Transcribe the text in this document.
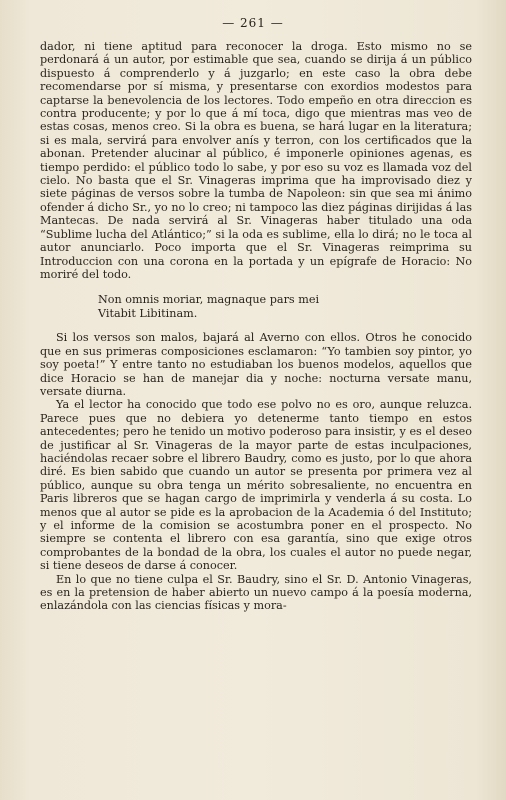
— 261 —

dador, ni tiene aptitud para reconocer la droga. Esto mismo no se perdonará á un autor, por estimable que sea, cuando se dirija á un público dispuesto á comprenderlo y á juzgarlo; en este caso la obra debe recomendarse por sí misma, y presentarse con exordios modestos para captarse la benevolencia de los lectores. Todo empeño en otra direccion es contra producente; y por lo que á mí toca, digo que mientras mas veo de estas cosas, menos creo. Si la obra es buena, se hará lugar en la literatura; si es mala, servirá para envolver anís y terron, con los certificados que la abonan. Pretender alucinar al público, é imponerle opiniones agenas, es tiempo perdido: el público todo lo sabe, y por eso su voz es llamada voz del cielo. No basta que el Sr. Vinageras imprima que ha improvisado diez y siete páginas de versos sobre la tumba de Napoleon: sin que sea mi ánimo ofender á dicho Sr., yo no lo creo; ni tampoco las diez páginas dirijidas á las Mantecas. De nada servirá al Sr. Vinageras haber titulado una oda “Sublime lucha del Atlántico;” si la oda es sublime, ella lo dirá; no le toca al autor anunciarlo. Poco importa que el Sr. Vinageras reimprima su Introduccion con una corona en la portada y un epígrafe de Horacio: No moriré del todo.

Non omnis moriar, magnaque pars mei
Vitabit Libitinam.

Si los versos son malos, bajará al Averno con ellos. Otros he conocido que en sus primeras composiciones esclamaron: “Yo tambien soy pintor, yo soy poeta!” Y entre tanto no estudiaban los buenos modelos, aquellos que dice Horacio se han de manejar dia y noche: nocturna versate manu, versate diurna.

Ya el lector ha conocido que todo ese polvo no es oro, aunque reluzca. Parece pues que no debiera yo detenerme tanto tiempo en estos antecedentes; pero he tenido un motivo poderoso para insistir, y es el deseo de justificar al Sr. Vinageras de la mayor parte de estas inculpaciones, haciéndolas recaer sobre el librero Baudry, como es justo, por lo que ahora diré. Es bien sabido que cuando un autor se presenta por primera vez al público, aunque su obra tenga un mérito sobresaliente, no encuentra en Paris libreros que se hagan cargo de imprimirla y venderla á su costa. Lo menos que al autor se pide es la aprobacion de la Academia ó del Instituto; y el informe de la comision se acostumbra poner en el prospecto. No siempre se contenta el librero con esa garantía, sino que exige otros comprobantes de la bondad de la obra, los cuales el autor no puede negar, si tiene deseos de darse á conocer.

En lo que no tiene culpa el Sr. Baudry, sino el Sr. D. Antonio Vinageras, es en la pretension de haber abierto un nuevo campo á la poesía moderna, enlazándola con las ciencias físicas y mora-
